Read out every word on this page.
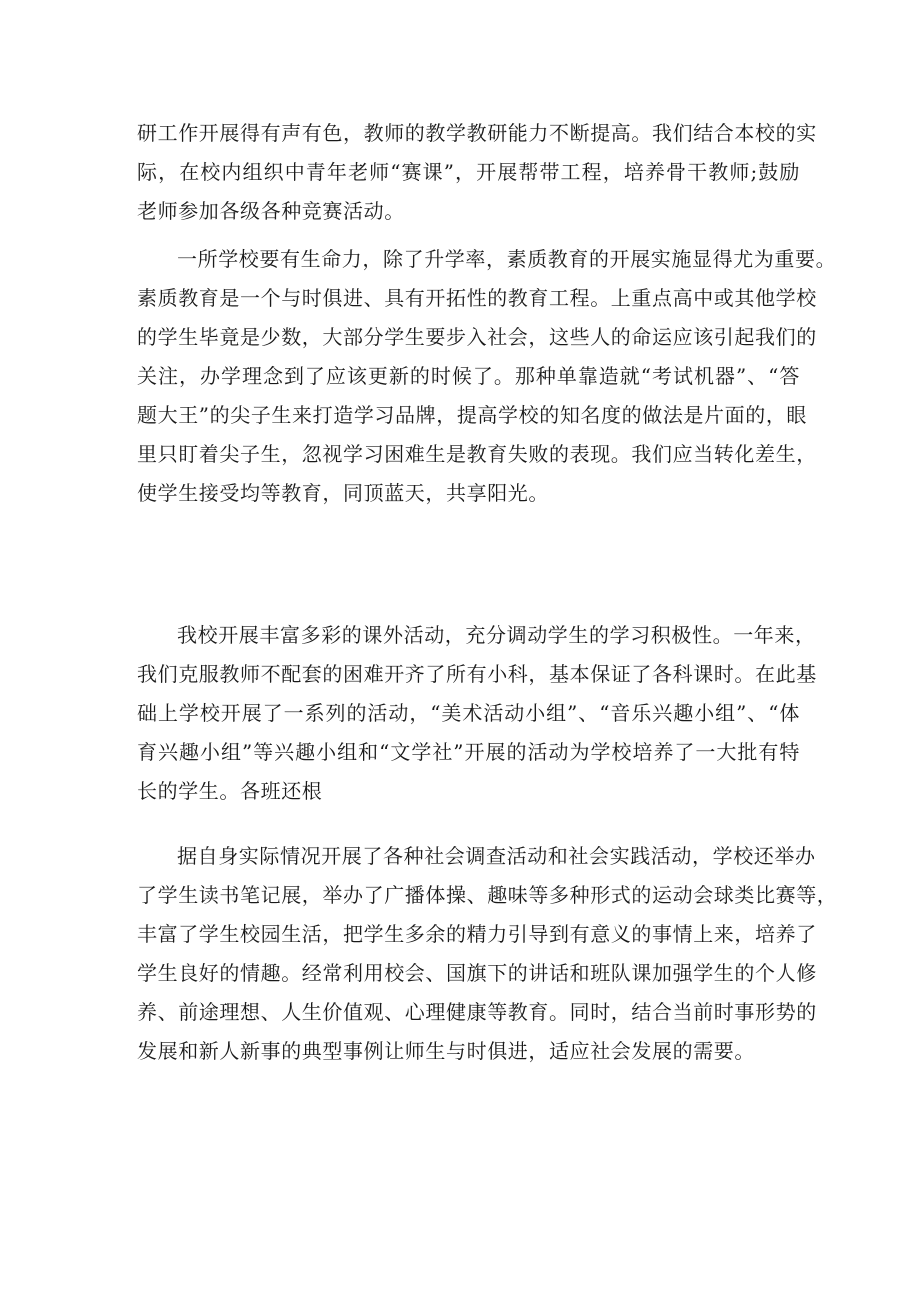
研工作开展得有声有色，教师的教学教研能力不断提高。我们结合本校的实
际，在校内组织中青年老师“赛课”，开展帮带工程，培养骨干教师;鼓励
老师参加各级各种竞赛活动。
一所学校要有生命力，除了升学率，素质教育的开展实施显得尤为重要。
素质教育是一个与时俱进、具有开拓性的教育工程。上重点高中或其他学校
的学生毕竟是少数，大部分学生要步入社会，这些人的命运应该引起我们的
关注，办学理念到了应该更新的时候了。那种单靠造就“考试机器”、“答
题大王”的尖子生来打造学习品牌，提高学校的知名度的做法是片面的，眼
里只盯着尖子生，忽视学习困难生是教育失败的表现。我们应当转化差生，
使学生接受均等教育，同顶蓝天，共享阳光。
我校开展丰富多彩的课外活动，充分调动学生的学习积极性。一年来，
我们克服教师不配套的困难开齐了所有小科，基本保证了各科课时。在此基
础上学校开展了一系列的活动，“美术活动小组”、“音乐兴趣小组”、“体
育兴趣小组”等兴趣小组和“文学社”开展的活动为学校培养了一大批有特
长的学生。各班还根
据自身实际情况开展了各种社会调查活动和社会实践活动，学校还举办
了学生读书笔记展，举办了广播体操、趣味等多种形式的运动会球类比赛等，
丰富了学生校园生活，把学生多余的精力引导到有意义的事情上来，培养了
学生良好的情趣。经常利用校会、国旗下的讲话和班队课加强学生的个人修
养、前途理想、人生价值观、心理健康等教育。同时，结合当前时事形势的
发展和新人新事的典型事例让师生与时俱进，适应社会发展的需要。
